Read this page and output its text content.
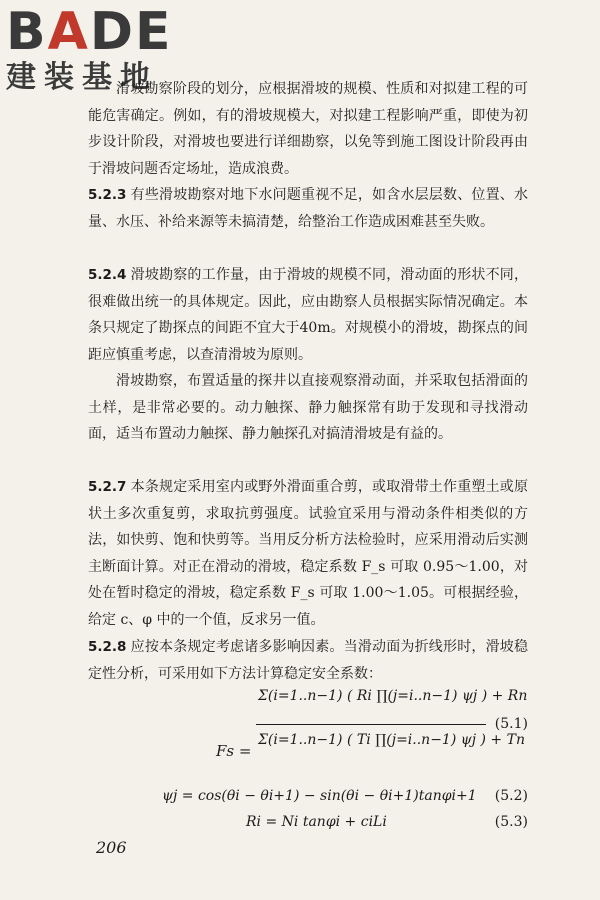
BADE
建装基地

滑坡勘察阶段的划分，应根据滑坡的规模、性质和对拟建工程的可能危害确定。例如，有的滑坡规模大，对拟建工程影响严重，即使为初步设计阶段，对滑坡也要进行详细勘察，以免等到施工图设计阶段再由于滑坡问题否定场址，造成浪费。

5.2.3 有些滑坡勘察对地下水问题重视不足，如含水层层数、位置、水量、水压、补给来源等未搞清楚，给整治工作造成困难甚至失败。

5.2.4 滑坡勘察的工作量，由于滑坡的规模不同，滑动面的形状不同，很难做出统一的具体规定。因此，应由勘察人员根据实际情况确定。本条只规定了勘探点的间距不宜大于40m。对规模小的滑坡，勘探点的间距应慎重考虑，以查清滑坡为原则。

滑坡勘察，布置适量的探井以直接观察滑动面，并采取包括滑面的土样，是非常必要的。动力触探、静力触探常有助于发现和寻找滑动面，适当布置动力触探、静力触探孔对搞清滑坡是有益的。

5.2.7 本条规定采用室内或野外滑面重合剪，或取滑带土作重塑土或原状土多次重复剪，求取抗剪强度。试验宜采用与滑动条件相类似的方法，如快剪、饱和快剪等。当用反分析方法检验时，应采用滑动后实测主断面计算。对正在滑动的滑坡，稳定系数 F_s 可取 0.95～1.00，对处在暂时稳定的滑坡，稳定系数 F_s 可取 1.00～1.05。可根据经验，给定 c、φ 中的一个值，反求另一值。

5.2.8 应按本条规定考虑诸多影响因素。当滑动面为折线形时，滑坡稳定性分析，可采用如下方法计算稳定安全系数：

Fs =
Σ(i=1..n−1) ( Ri ∏(j=i..n−1) ψj ) + Rn
Σ(i=1..n−1) ( Ti ∏(j=i..n−1) ψj ) + Tn
(5.1)
ψj = cos(θi − θi+1) − sin(θi − θi+1)tanφi+1 (5.2)
Ri = Ni tanφi + ciLi	(5.3)
206
